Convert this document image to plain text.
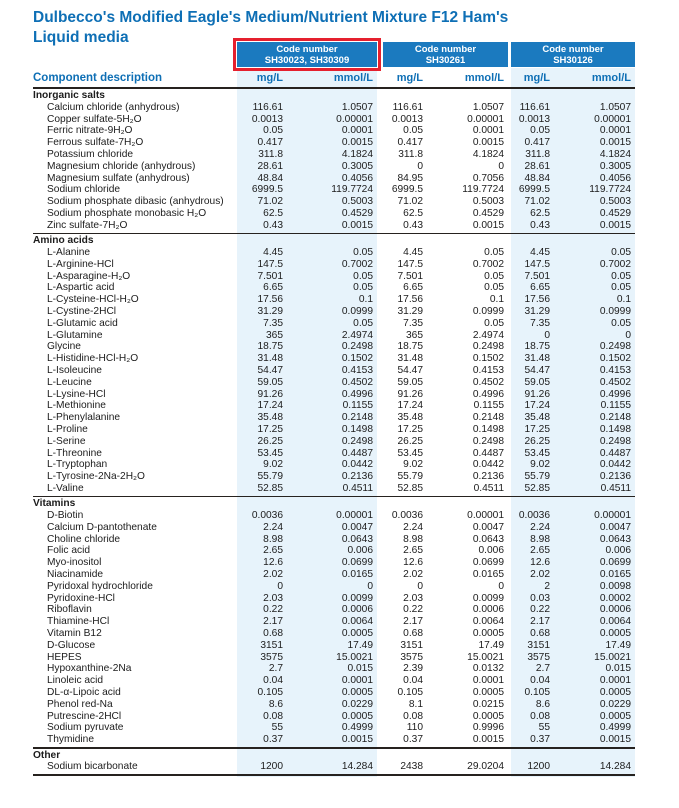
Dulbecco's Modified Eagle's Medium/Nutrient Mixture F12 Ham's
Liquid media
Code number
SH30023, SH30309
Code number
SH30261
Code number
SH30126
Component description	mg/L	mmol/L	mg/L	mmol/L	mg/L	mmol/L
Inorganic salts
Calcium chloride (anhydrous)	116.61	1.0507	116.61	1.0507	116.61	1.0507
Copper sulfate-5H₂O	0.0013	0.00001	0.0013	0.00001	0.0013	0.00001
Ferric nitrate-9H₂O	0.05	0.0001	0.05	0.0001	0.05	0.0001
Ferrous sulfate-7H₂O	0.417	0.0015	0.417	0.0015	0.417	0.0015
Potassium chloride	311.8	4.1824	311.8	4.1824	311.8	4.1824
Magnesium chloride (anhydrous)	28.61	0.3005	0	0	28.61	0.3005
Magnesium sulfate (anhydrous)	48.84	0.4056	84.95	0.7056	48.84	0.4056
Sodium chloride	6999.5	119.7724	6999.5	119.7724	6999.5	119.7724
Sodium phosphate dibasic (anhydrous)	71.02	0.5003	71.02	0.5003	71.02	0.5003
Sodium phosphate monobasic H₂O	62.5	0.4529	62.5	0.4529	62.5	0.4529
Zinc sulfate-7H₂O	0.43	0.0015	0.43	0.0015	0.43	0.0015
Amino acids
L-Alanine	4.45	0.05	4.45	0.05	4.45	0.05
L-Arginine-HCl	147.5	0.7002	147.5	0.7002	147.5	0.7002
L-Asparagine-H₂O	7.501	0.05	7.501	0.05	7.501	0.05
L-Aspartic acid	6.65	0.05	6.65	0.05	6.65	0.05
L-Cysteine-HCl-H₂O	17.56	0.1	17.56	0.1	17.56	0.1
L-Cystine-2HCl	31.29	0.0999	31.29	0.0999	31.29	0.0999
L-Glutamic acid	7.35	0.05	7.35	0.05	7.35	0.05
L-Glutamine	365	2.4974	365	2.4974	0	0
Glycine	18.75	0.2498	18.75	0.2498	18.75	0.2498
L-Histidine-HCl-H₂O	31.48	0.1502	31.48	0.1502	31.48	0.1502
L-Isoleucine	54.47	0.4153	54.47	0.4153	54.47	0.4153
L-Leucine	59.05	0.4502	59.05	0.4502	59.05	0.4502
L-Lysine-HCl	91.26	0.4996	91.26	0.4996	91.26	0.4996
L-Methionine	17.24	0.1155	17.24	0.1155	17.24	0.1155
L-Phenylalanine	35.48	0.2148	35.48	0.2148	35.48	0.2148
L-Proline	17.25	0.1498	17.25	0.1498	17.25	0.1498
L-Serine	26.25	0.2498	26.25	0.2498	26.25	0.2498
L-Threonine	53.45	0.4487	53.45	0.4487	53.45	0.4487
L-Tryptophan	9.02	0.0442	9.02	0.0442	9.02	0.0442
L-Tyrosine-2Na-2H₂O	55.79	0.2136	55.79	0.2136	55.79	0.2136
L-Valine	52.85	0.4511	52.85	0.4511	52.85	0.4511
Vitamins
D-Biotin	0.0036	0.00001	0.0036	0.00001	0.0036	0.00001
Calcium D-pantothenate	2.24	0.0047	2.24	0.0047	2.24	0.0047
Choline chloride	8.98	0.0643	8.98	0.0643	8.98	0.0643
Folic acid	2.65	0.006	2.65	0.006	2.65	0.006
Myo-inositol	12.6	0.0699	12.6	0.0699	12.6	0.0699
Niacinamide	2.02	0.0165	2.02	0.0165	2.02	0.0165
Pyridoxal hydrochloride	0	0	0	0	2	0.0098
Pyridoxine-HCl	2.03	0.0099	2.03	0.0099	0.03	0.0002
Riboflavin	0.22	0.0006	0.22	0.0006	0.22	0.0006
Thiamine-HCl	2.17	0.0064	2.17	0.0064	2.17	0.0064
Vitamin B12	0.68	0.0005	0.68	0.0005	0.68	0.0005
D-Glucose	3151	17.49	3151	17.49	3151	17.49
HEPES	3575	15.0021	3575	15.0021	3575	15.0021
Hypoxanthine-2Na	2.7	0.015	2.39	0.0132	2.7	0.015
Linoleic acid	0.04	0.0001	0.04	0.0001	0.04	0.0001
DL-α-Lipoic acid	0.105	0.0005	0.105	0.0005	0.105	0.0005
Phenol red-Na	8.6	0.0229	8.1	0.0215	8.6	0.0229
Putrescine-2HCl	0.08	0.0005	0.08	0.0005	0.08	0.0005
Sodium pyruvate	55	0.4999	110	0.9996	55	0.4999
Thymidine	0.37	0.0015	0.37	0.0015	0.37	0.0015
Other
Sodium bicarbonate	1200	14.284	2438	29.0204	1200	14.284
